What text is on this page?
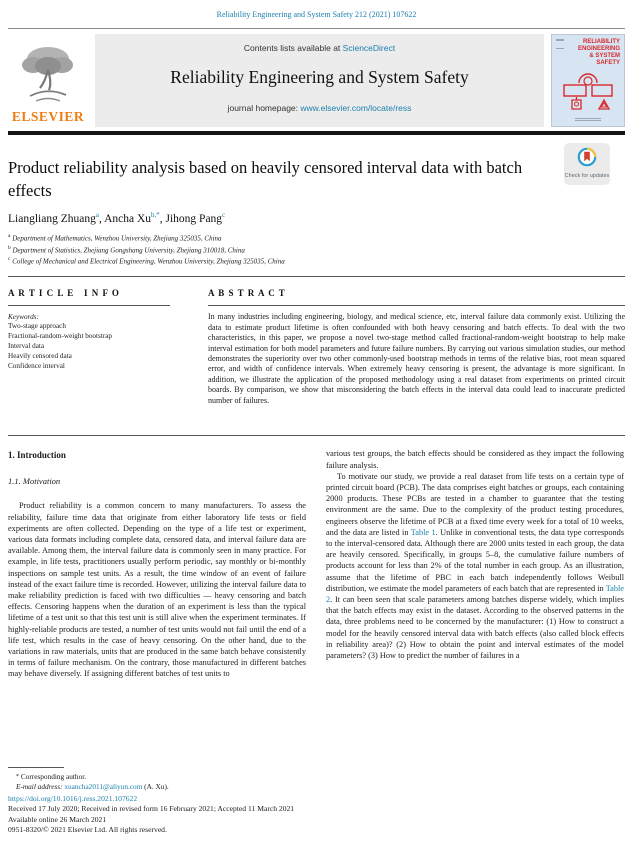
Reliability Engineering and System Safety 212 (2021) 107622
ELSEVIER
Contents lists available at ScienceDirect
Reliability Engineering and System Safety
journal homepage: www.elsevier.com/locate/ress
RELIABILITY
ENGINEERING
& SYSTEM
SAFETY
Product reliability analysis based on heavily censored interval data with batch effects
Check for updates
Liangliang Zhuang$^a$, Ancha $Xu^{b,*}$, Jihong Pang$^c$
$^a$ Department of Mathematics, Wenzhou University, Zhejiang 325035, China
$^b$ Department of Statistics, Zhejiang Gongshang University, Zhejiang 310018, China
$^c$ College of Mechanical and Electrical Engineering, Wenzhou University, Zhejiang 325035, China
A R T I C L E   I N F O
Keywords:
Two-stage approach
Fractional-random-weight bootstrap
Interval data
Heavily censored data
Confidence interval
A B S T R A C T
In many industries including engineering, biology, and medical science, etc, interval failure data commonly exist. Utilizing the data to estimate product lifetime is often confounded with both heavy censoring and batch effects. To deal with the two characteristics, in this paper, we propose a novel two-stage method called fractional-random-weight bootstrap to help make interval estimation for both model parameters and future failure numbers. By carrying out various simulation studies, our method demonstrates the superiority over two other commonly-used bootstrap methods in terms of the relative bias, root mean squared error, and width of confidence intervals. When extremely heavy censoring is present, the advantage is more significant. In addition, we illustrate the application of the proposed methodology using a real dataset from experiments on printed circuit boards. By comparison, we show that misconsidering the batch effects in the interval data could lead to inaccurate predicted number of failures.
1. Introduction
1.1. Motivation
Product reliability is a common concern to many manufacturers. To assess the reliability, failure time data that originate from either laboratory life tests or field experiments are often collected. Depending on the type of a life test or experiment, various data formats including complete data, censored data, and interval failure data are available. Among them, the interval failure data is commonly seen in many practice. For example, in life tests, practitioners usually perform periodic, say monthly or bi-monthly inspections on sample test units. As a result, the time window of an event of failure instead of the exact failure time is recorded. However, utilizing the interval failure data to make reliability prediction is faced with two difficulties — heavy censoring and batch effects. Censoring happens when the duration of an experiment is less than the typical lifetime of a test unit so that this test unit is still alive when the experiment terminates. If highly-reliable products are tested, a number of test units would not fail until the end of a life test, which results in the case of heavy censoring. On the other hand, due to the variations in raw materials, units that are produced in the same batch behave consistently in terms of failure mechanism. On the contrary, those manufactured in different batches may behave diversely. If assigning different batches of test units to
* Corresponding author.
E-mail address: xuancha2011@aliyun.com (A. Xu).
various test groups, the batch effects should be considered as they impact the following failure analysis.
To motivate our study, we provide a real dataset from life tests on a certain type of printed circuit board (PCB). The data comprises eight batches or groups, each containing 2000 products. These PCBs are tested in a chamber to guarantee that the testing environment are the same. Due to the complexity of the product testing procedures, engineers observe the lifetime of PCB at a fixed time every week for a total of 10 weeks, and the data are listed in Table 1. Unlike in conventional tests, the data type corresponds to the interval-censored data. Although there are 2000 units tested in each group, the data are heavily censored. Specifically, in groups 5–8, the cumulative failure numbers of products account for less than 2% of the total number in each group. As an illustration, assume that the lifetime of PBC in each batch independently follows Weibull distribution, we estimate the model parameters of each batch that are represented in Table 2. It can been seen that scale parameters among batches disperse widely, which implies that the batch effects may exist in the dataset. According to the observed patterns in the data, three problems need to be concerned by the manufacturer: (1) How to construct a model for the heavily censored interval data with batch effects (also called block effects in reliability area)? (2) How to obtain the point and interval estimates of the model parameters? (3) How to predict the number of failures in a
https://doi.org/10.1016/j.ress.2021.107622
Received 17 July 2020; Received in revised form 16 February 2021; Accepted 11 March 2021
Available online 26 March 2021
0951-8320/© 2021 Elsevier Ltd. All rights reserved.
